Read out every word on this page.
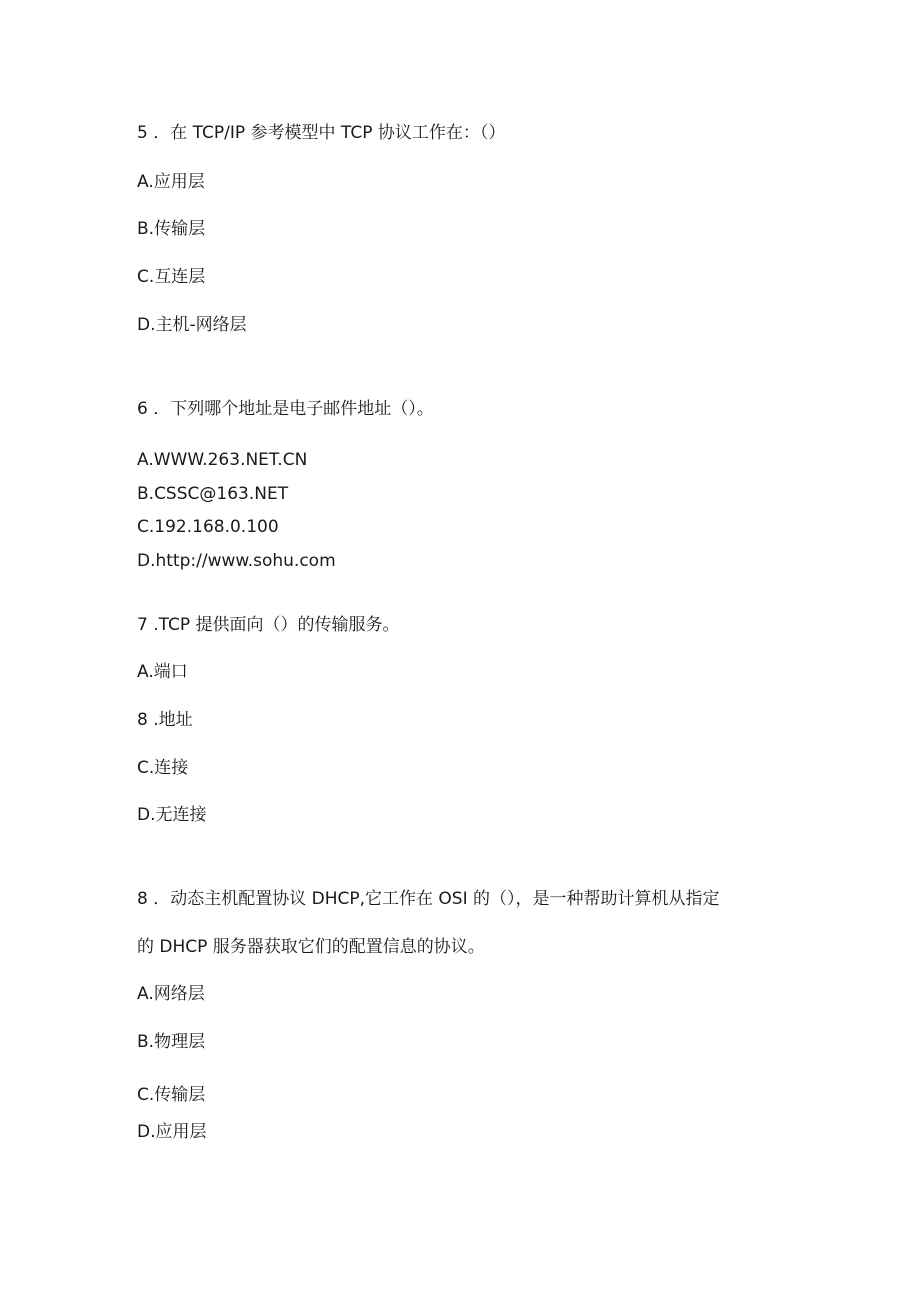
5 ．在 TCP/IP 参考模型中 TCP 协议工作在：（）
A.应用层
B.传输层
C.互连层
D.主机-网络层
6 ．下列哪个地址是电子邮件地址（）。
A.WWW.263.NET.CN
B.CSSC@163.NET
C.192.168.0.100
D.http://www.sohu.com
7 .TCP 提供面向（）的传输服务。
A.端口
8 .地址
C.连接
D.无连接
8 ．动态主机配置协议 DHCP,它工作在 OSI 的（），是一种帮助计算机从指定
的 DHCP 服务器获取它们的配置信息的协议。
A.网络层
B.物理层
C.传输层
D.应用层
